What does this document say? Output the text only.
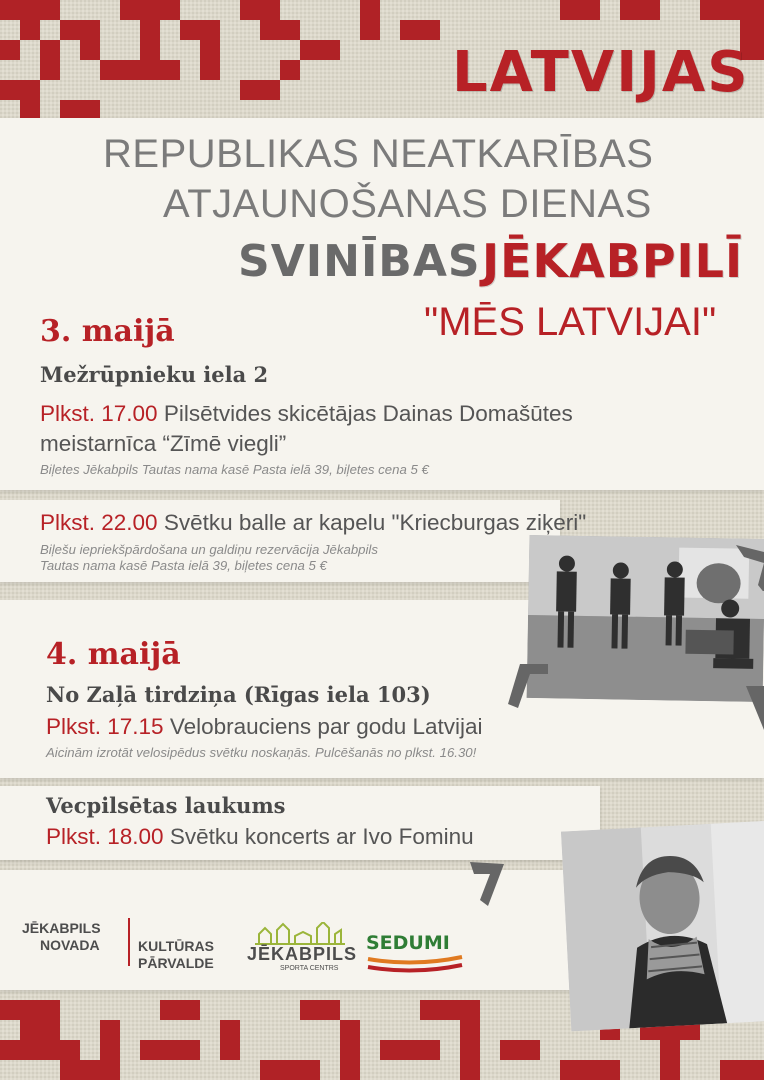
LATVIJAS

REPUBLIKAS NEATKARĪBAS

ATJAUNOŠANAS DIENAS

SVINĪBAS JĒKABPILĪ

"MĒS LATVIJAI"

3. maijā

Mežrūpnieku iela 2

Plkst. 17.00 Pilsētvides skicētājas Dainas Domašūtes

meistarnīca “Zīmē viegli”

Biļetes Jēkabpils Tautas nama kasē Pasta ielā 39, biļetes cena 5 €

Plkst. 22.00 Svētku balle ar kapelu "Kriecburgas ziķeri"

Biļešu iepriekšpārdošana un galdiņu rezervācija Jēkabpils

Tautas nama kasē Pasta ielā 39, biļetes cena 5 €

4. maijā

No Zaļā tirdziņa (Rīgas iela 103)

Plkst. 17.15 Velobrauciens par godu Latvijai

Aicinām izrotāt velosipēdus svētku noskaņās. Pulcēšanās no plkst. 16.30!

Vecpilsētas laukums

Plkst. 18.00 Svētku koncerts ar Ivo Fominu

JĒKABPILS

NOVADA	KULTŪRAS

PĀRVALDE JĒKABPILS

SPORTA CENTRS

SEDUMI
